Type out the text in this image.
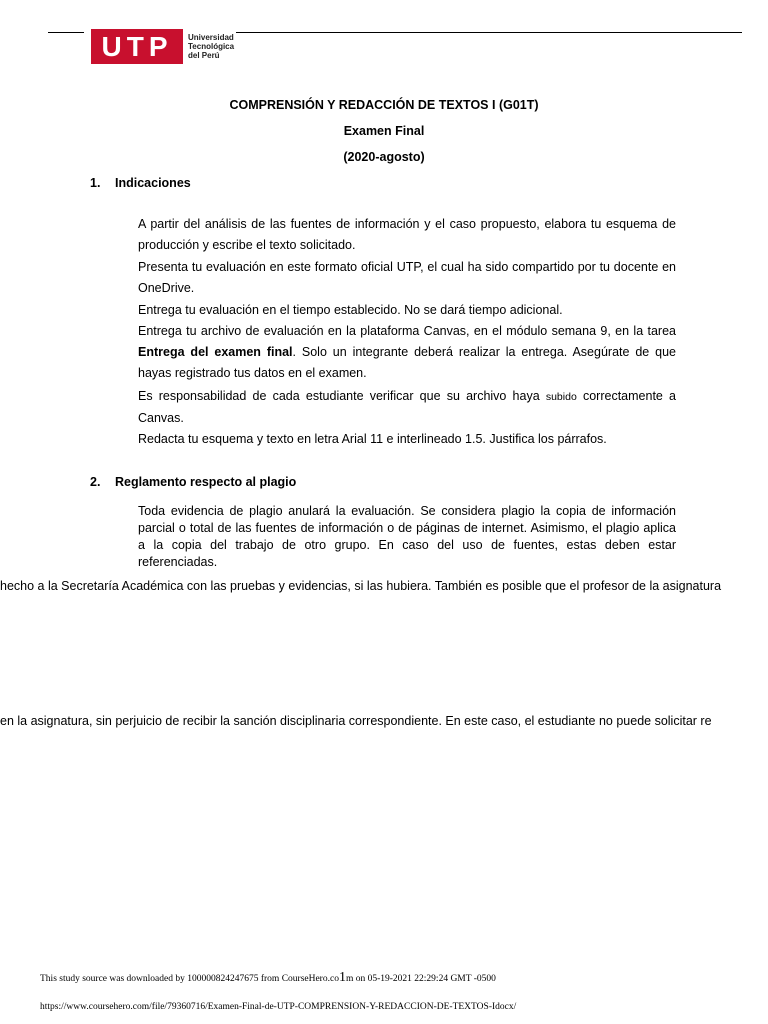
UTP	Universidad
Tecnológica
del Perú
COMPRENSIÓN Y REDACCIÓN DE TEXTOS I (G01T)
Examen Final
(2020-agosto)
1. Indicaciones
A partir del análisis de las fuentes de información y el caso propuesto, elabora tu esquema de producción y escribe el texto solicitado.
Presenta tu evaluación en este formato oficial UTP, el cual ha sido compartido por tu docente en OneDrive.
Entrega tu evaluación en el tiempo establecido. No se dará tiempo adicional.
Entrega tu archivo de evaluación en la plataforma Canvas, en el módulo semana 9, en la tarea Entrega del examen final. Solo un integrante deberá realizar la entrega. Asegúrate de que hayas registrado tus datos en el examen.
Es responsabilidad de cada estudiante verificar que su archivo haya subido correctamente a Canvas.
Redacta tu esquema y texto en letra Arial 11 e interlineado 1.5. Justifica los párrafos.
2. Reglamento respecto al plagio
Toda evidencia de plagio anulará la evaluación. Se considera plagio la copia de información parcial o total de las fuentes de información o de páginas de internet. Asimismo, el plagio aplica a la copia del trabajo de otro grupo. En caso del uso de fuentes, estas deben estar referenciadas.
hecho a la Secretaría Académica con las pruebas y evidencias, si las hubiera. También es posible que el profesor de la asignatura
en la asignatura, sin perjuicio de recibir la sanción disciplinaria correspondiente. En este caso, el estudiante no puede solicitar re
This study source was downloaded by 100000824247675 from CourseHero.co1m on 05-19-2021 22:29:24 GMT -0500
https://www.coursehero.com/file/79360716/Examen-Final-de-UTP-COMPRENSION-Y-REDACCION-DE-TEXTOS-Idocx/
